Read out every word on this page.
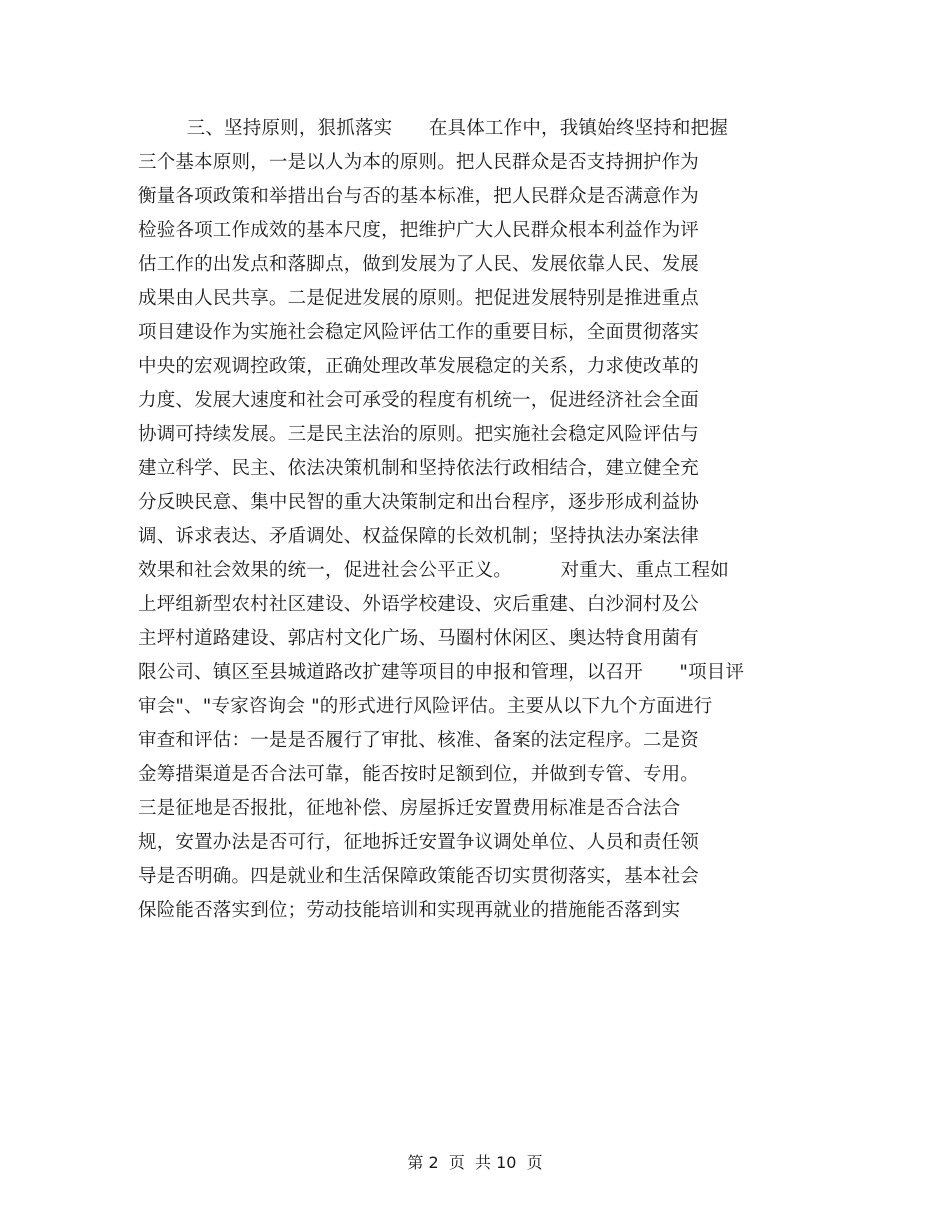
三、坚持原则，狠抓落实      在具体工作中，我镇始终坚持和把握
三个基本原则，一是以人为本的原则。把人民群众是否支持拥护作为
衡量各项政策和举措出台与否的基本标准，把人民群众是否满意作为
检验各项工作成效的基本尺度，把维护广大人民群众根本利益作为评
估工作的出发点和落脚点，做到发展为了人民、发展依靠人民、发展
成果由人民共享。二是促进发展的原则。把促进发展特别是推进重点
项目建设作为实施社会稳定风险评估工作的重要目标，全面贯彻落实
中央的宏观调控政策，正确处理改革发展稳定的关系，力求使改革的
力度、发展大速度和社会可承受的程度有机统一，促进经济社会全面
协调可持续发展。三是民主法治的原则。把实施社会稳定风险评估与
建立科学、民主、依法决策机制和坚持依法行政相结合，建立健全充
分反映民意、集中民智的重大决策制定和出台程序，逐步形成利益协
调、诉求表达、矛盾调处、权益保障的长效机制；坚持执法办案法律
效果和社会效果的统一，促进社会公平正义。        对重大、重点工程如
上坪组新型农村社区建设、外语学校建设、灾后重建、白沙洞村及公
主坪村道路建设、郭店村文化广场、马圈村休闲区、奥达特食用菌有
限公司、镇区至县城道路改扩建等项目的申报和管理，以召开      "项目评
审会"、"专家咨询会 "的形式进行风险评估。主要从以下九个方面进行
审查和评估：一是是否履行了审批、核准、备案的法定程序。二是资
金筹措渠道是否合法可靠，能否按时足额到位，并做到专管、专用。
三是征地是否报批，征地补偿、房屋拆迁安置费用标准是否合法合
规，安置办法是否可行，征地拆迁安置争议调处单位、人员和责任领
导是否明确。四是就业和生活保障政策能否切实贯彻落实，基本社会
保险能否落实到位；劳动技能培训和实现再就业的措施能否落到实
第 2  页  共 10  页
